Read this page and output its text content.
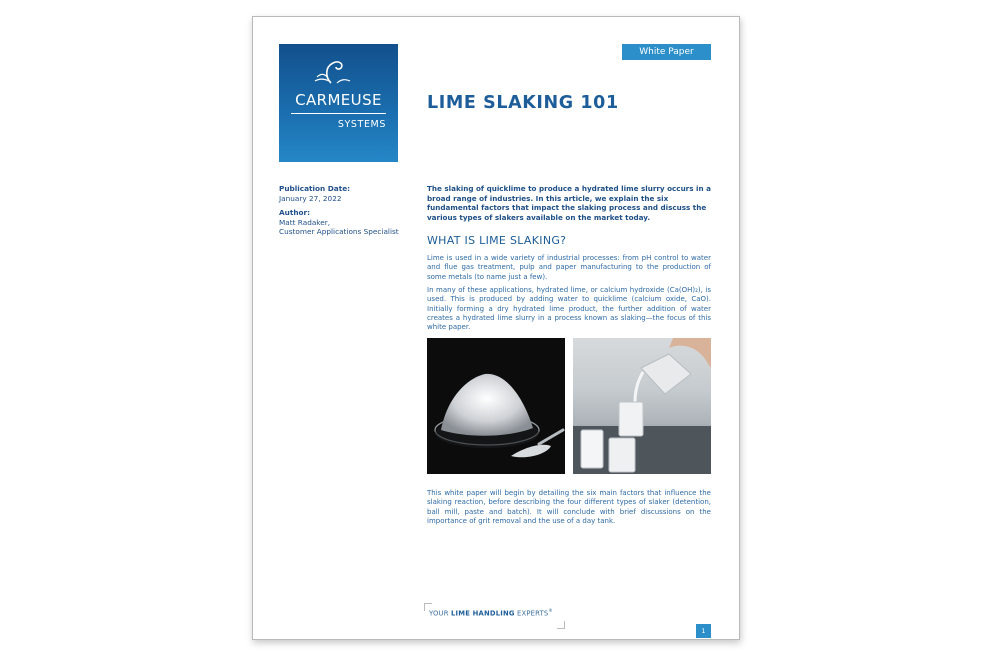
CARMEUSE
SYSTEMS
White Paper
LIME SLAKING 101
Publication Date:
January 27, 2022
Author:
Matt Radaker,
Customer Applications Specialist
The slaking of quicklime to produce a hydrated lime slurry occurs in a broad range of industries. In this article, we explain the six fundamental factors that impact the slaking process and discuss the various types of slakers available on the market today.
WHAT IS LIME SLAKING?
Lime is used in a wide variety of industrial processes: from pH control to water and flue gas treatment, pulp and paper manufacturing to the production of some metals (to name just a few).
In many of these applications, hydrated lime, or calcium hydroxide (Ca(OH)₂), is used. This is produced by adding water to quicklime (calcium oxide, CaO). Initially forming a dry hydrated lime product, the further addition of water creates a hydrated lime slurry in a process known as slaking—the focus of this white paper.
This white paper will begin by detailing the six main factors that influence the slaking reaction, before describing the four different types of slaker (detention, ball mill, paste and batch). It will conclude with brief discussions on the importance of grit removal and the use of a day tank.
YOUR LIME HANDLING EXPERTS®
1
